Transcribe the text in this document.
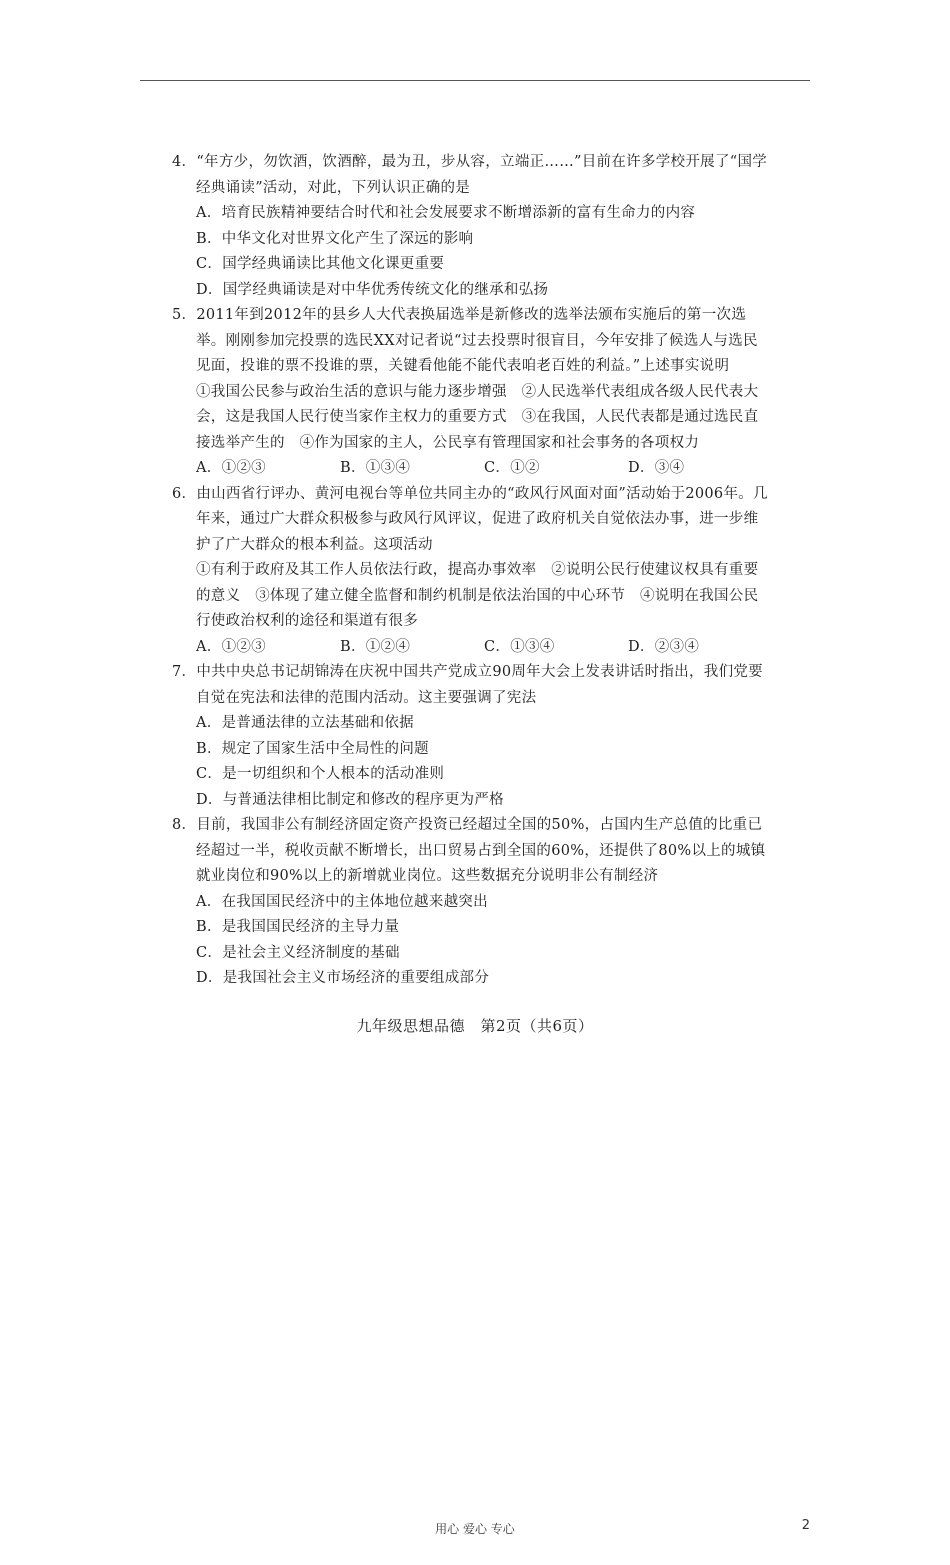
4．“年方少，勿饮酒，饮酒醉，最为丑，步从容，立端正……”目前在许多学校开展了“国学经典诵读”活动，对此，下列认识正确的是
A．培育民族精神要结合时代和社会发展要求不断增添新的富有生命力的内容
B．中华文化对世界文化产生了深远的影响
C．国学经典诵读比其他文化课更重要
D．国学经典诵读是对中华优秀传统文化的继承和弘扬
5．2011年到2012年的县乡人大代表换届选举是新修改的选举法颁布实施后的第一次选举。刚刚参加完投票的选民XX对记者说“过去投票时很盲目，今年安排了候选人与选民见面，投谁的票不投谁的票，关键看他能不能代表咱老百姓的利益。”上述事实说明
①我国公民参与政治生活的意识与能力逐步增强　②人民选举代表组成各级人民代表大会，这是我国人民行使当家作主权力的重要方式　③在我国，人民代表都是通过选民直接选举产生的　④作为国家的主人，公民享有管理国家和社会事务的各项权力
A．①②③	B．①③④	C．①②	D．③④
6．由山西省行评办、黄河电视台等单位共同主办的“政风行风面对面”活动始于2006年。几年来，通过广大群众积极参与政风行风评议，促进了政府机关自觉依法办事，进一步维护了广大群众的根本利益。这项活动
①有利于政府及其工作人员依法行政，提高办事效率　②说明公民行使建议权具有重要的意义　③体现了建立健全监督和制约机制是依法治国的中心环节　④说明在我国公民行使政治权利的途径和渠道有很多
A．①②③	B．①②④	C．①③④	D．②③④
7．中共中央总书记胡锦涛在庆祝中国共产党成立90周年大会上发表讲话时指出，我们党要自觉在宪法和法律的范围内活动。这主要强调了宪法
A．是普通法律的立法基础和依据
B．规定了国家生活中全局性的问题
C．是一切组织和个人根本的活动准则
D．与普通法律相比制定和修改的程序更为严格
8．目前，我国非公有制经济固定资产投资已经超过全国的50%，占国内生产总值的比重已经超过一半，税收贡献不断增长，出口贸易占到全国的60%，还提供了80%以上的城镇就业岗位和90%以上的新增就业岗位。这些数据充分说明非公有制经济
A．在我国国民经济中的主体地位越来越突出
B．是我国国民经济的主导力量
C．是社会主义经济制度的基础
D．是我国社会主义市场经济的重要组成部分
九年级思想品德　第2页（共6页）
用心 爱心 专心	2
